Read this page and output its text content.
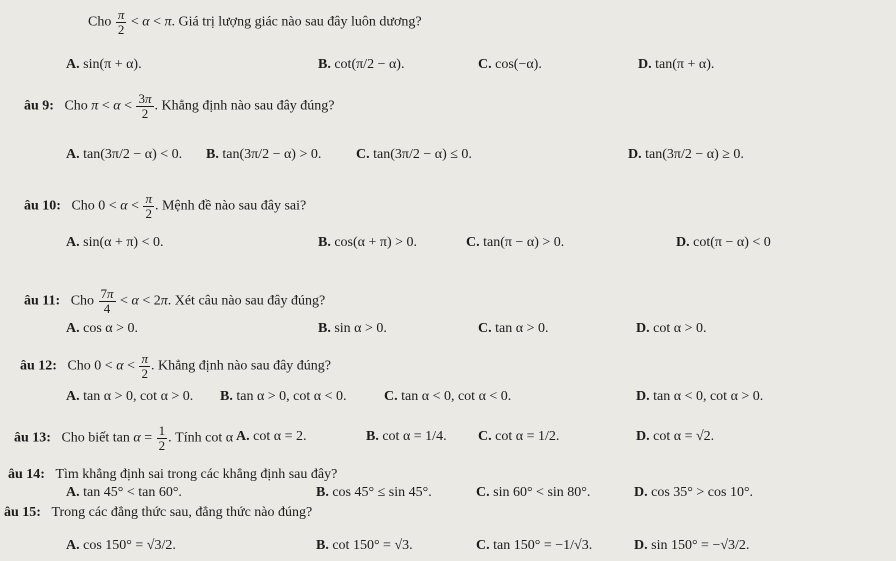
Cho $\frac{\pi}{2} < \alpha < \pi$. Giá trị lượng giác nào sau đây luôn dương?
A. sin(π + α).	B. cot(π/2 − α).	C. cos(−α).	D. tan(π + α).
âu 9: Cho $\pi < \alpha < \frac{3\pi}{2}$ . Khẳng định nào sau đây đúng?
A. tan(3π/2 − α) < 0. B. tan(3π/2 − α) > 0. C. tan(3π/2 − α) ≤ 0.	D. tan(3π/2 − α) ≥ 0.
âu 10: Cho $0 < \alpha < \frac{\pi}{2}$ . Mệnh đề nào sau đây sai?
A. sin(α + π) < 0.	B. cos(α + π) > 0.	C. tan(π − α) > 0.	D. cot(π − α) < 0
âu 11: Cho $\frac{7\pi}{4} < \alpha < 2\pi$. Xét câu nào sau đây đúng?
A. cos α > 0.	B. sin α > 0.	C. tan α > 0.	D. cot α > 0.
âu 12: Cho $0 < \alpha < \frac{\pi}{2}$ . Khẳng định nào sau đây đúng?
A. tan α > 0, cot α > 0. B. tan α > 0, cot α < 0.	C. tan α < 0, cot α < 0.	D. tan α < 0, cot α > 0.
âu 13: Cho biết $\tan \alpha = \frac{1}{2}$ . Tính cot α A. cot α = 2.	B. cot α = 1/4. C. cot α = 1/2.	D. cot α = √2.
âu 14: Tìm khẳng định sai trong các khẳng định sau đây?
A. tan 45° < tan 60°.	B. cos 45° ≤ sin 45°.	C. sin 60° < sin 80°.	D. cos 35° > cos 10°.
âu 15: Trong các đẳng thức sau, đẳng thức nào đúng?
A. cos 150° = √3/2.	B. cot 150° = √3.	C. tan 150° = −1/√3.	D. sin 150° = −√3/2.
